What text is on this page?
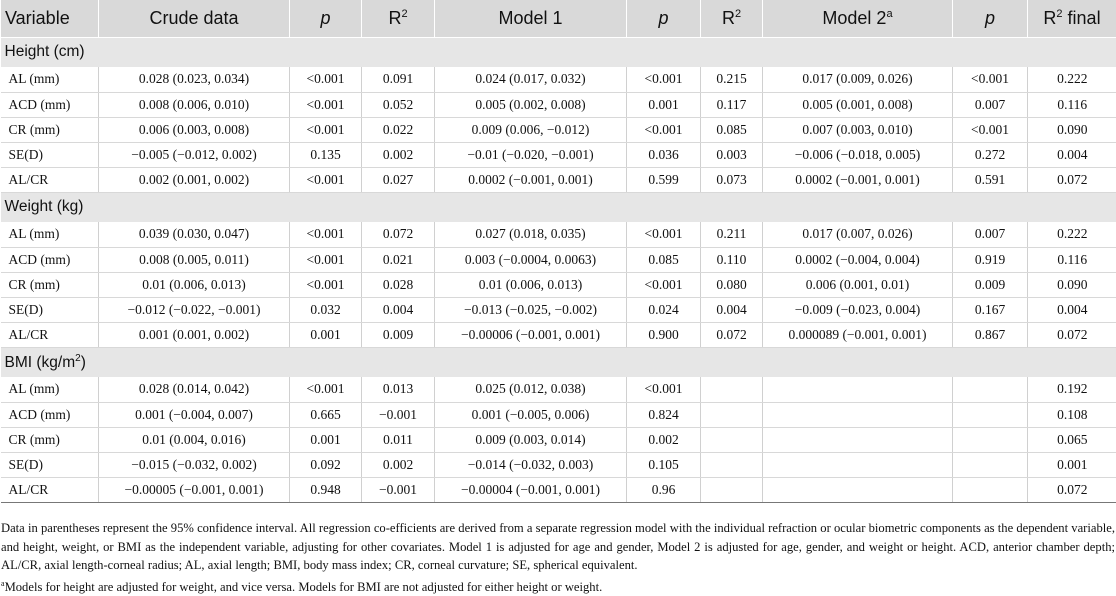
Variable	Crude data	p	$R^2$	Model 1	p	$R^2$	Model 2$^a$	p	$R^2$ final
Height (cm)									
AL (mm)	0.028 (0.023, 0.034)	<0.001	0.091	0.024 (0.017, 0.032)	<0.001	0.215	0.017 (0.009, 0.026)	<0.001	0.222
ACD (mm)	0.008 (0.006, 0.010)	<0.001	0.052	0.005 (0.002, 0.008)	0.001	0.117	0.005 (0.001, 0.008)	0.007	0.116
CR (mm)	0.006 (0.003, 0.008)	<0.001	0.022	0.009 (0.006, −0.012)	<0.001	0.085	0.007 (0.003, 0.010)	<0.001	0.090
SE(D)	−0.005 (−0.012, 0.002)	0.135	0.002	−0.01 (−0.020, −0.001)	0.036	0.003	−0.006 (−0.018, 0.005)	0.272	0.004
AL/CR	0.002 (0.001, 0.002)	<0.001	0.027	0.0002 (−0.001, 0.001)	0.599	0.073	0.0002 (−0.001, 0.001)	0.591	0.072
Weight (kg)									
AL (mm)	0.039 (0.030, 0.047)	<0.001	0.072	0.027 (0.018, 0.035)	<0.001	0.211	0.017 (0.007, 0.026)	0.007	0.222
ACD (mm)	0.008 (0.005, 0.011)	<0.001	0.021	0.003 (−0.0004, 0.0063)	0.085	0.110	0.0002 (−0.004, 0.004)	0.919	0.116
CR (mm)	0.01 (0.006, 0.013)	<0.001	0.028	0.01 (0.006, 0.013)	<0.001	0.080	0.006 (0.001, 0.01)	0.009	0.090
SE(D)	−0.012 (−0.022, −0.001)	0.032	0.004	−0.013 (−0.025, −0.002)	0.024	0.004	−0.009 (−0.023, 0.004)	0.167	0.004
AL/CR	0.001 (0.001, 0.002)	0.001	0.009	−0.00006 (−0.001, 0.001)	0.900	0.072	0.000089 (−0.001, 0.001)	0.867	0.072
BMI $(kg/m^2)$									
AL (mm)	0.028 (0.014, 0.042)	<0.001	0.013	0.025 (0.012, 0.038)	<0.001				0.192
ACD (mm)	0.001 (−0.004, 0.007)	0.665	−0.001	0.001 (−0.005, 0.006)	0.824				0.108
CR (mm)	0.01 (0.004, 0.016)	0.001	0.011	0.009 (0.003, 0.014)	0.002				0.065
SE(D)	−0.015 (−0.032, 0.002)	0.092	0.002	−0.014 (−0.032, 0.003)	0.105				0.001
AL/CR	−0.00005 (−0.001, 0.001)	0.948	−0.001	−0.00004 (−0.001, 0.001)	0.96				0.072

Data in parentheses represent the 95% confidence interval. All regression co-efficients are derived from a separate regression model with the individual refraction or ocular biometric components as the dependent variable, and height, weight, or BMI as the independent variable, adjusting for other covariates. Model 1 is adjusted for age and gender, Model 2 is adjusted for age, gender, and weight or height. ACD, anterior chamber depth; AL/CR, axial length-corneal radius; AL, axial length; BMI, body mass index; CR, corneal curvature; SE, spherical equivalent.

$^a$Models for height are adjusted for weight, and vice versa. Models for BMI are not adjusted for either height or weight.
